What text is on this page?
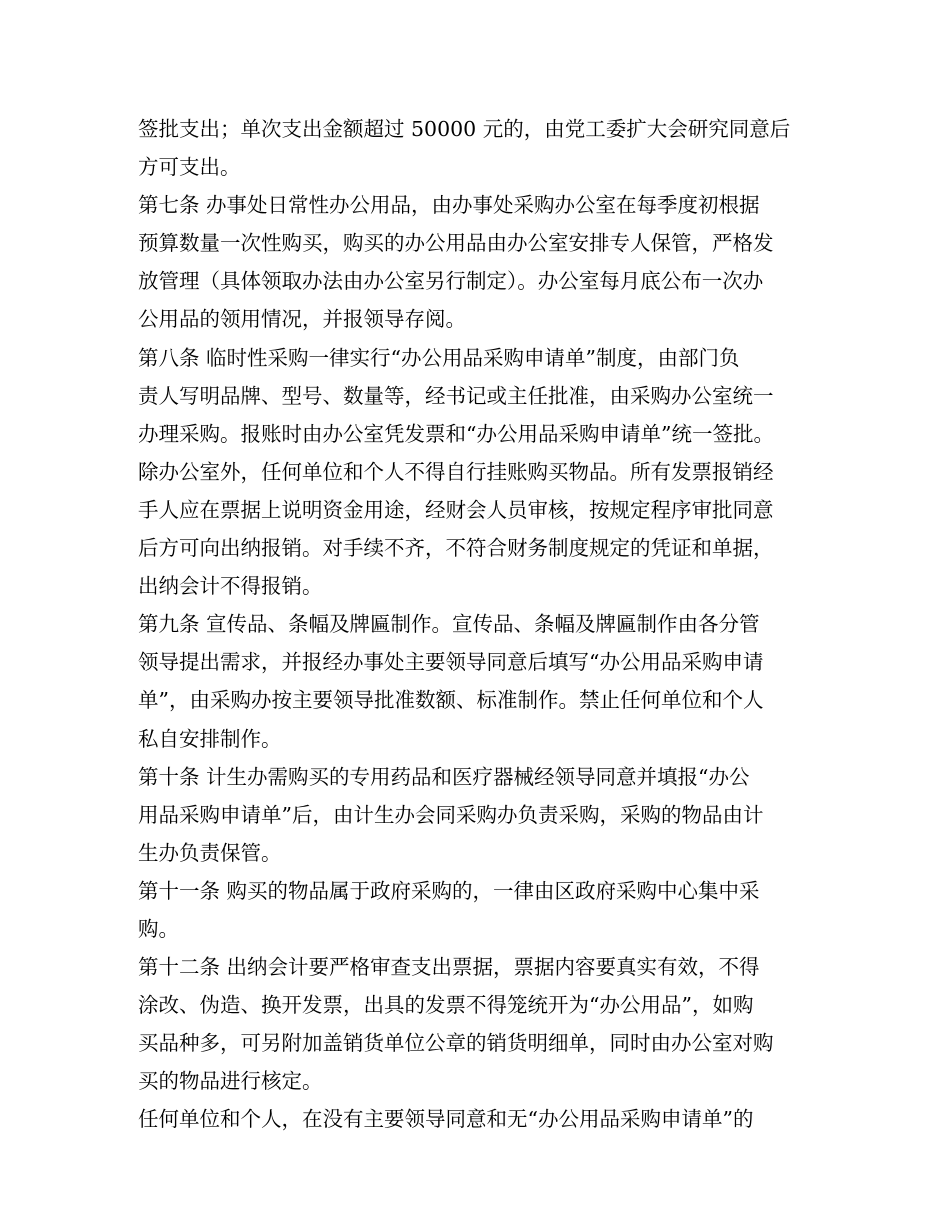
签批支出；单次支出金额超过 50000 元的，由党工委扩大会研究同意后
方可支出。
第七条 办事处日常性办公用品，由办事处采购办公室在每季度初根据
预算数量一次性购买，购买的办公用品由办公室安排专人保管，严格发
放管理（具体领取办法由办公室另行制定）。办公室每月底公布一次办
公用品的领用情况，并报领导存阅。
第八条 临时性采购一律实行“办公用品采购申请单”制度，由部门负
责人写明品牌、型号、数量等，经书记或主任批准，由采购办公室统一
办理采购。报账时由办公室凭发票和“办公用品采购申请单”统一签批。
除办公室外，任何单位和个人不得自行挂账购买物品。所有发票报销经
手人应在票据上说明资金用途，经财会人员审核，按规定程序审批同意
后方可向出纳报销。对手续不齐，不符合财务制度规定的凭证和单据，
出纳会计不得报销。
第九条 宣传品、条幅及牌匾制作。宣传品、条幅及牌匾制作由各分管
领导提出需求，并报经办事处主要领导同意后填写“办公用品采购申请
单”，由采购办按主要领导批准数额、标准制作。禁止任何单位和个人
私自安排制作。
第十条 计生办需购买的专用药品和医疗器械经领导同意并填报“办公
用品采购申请单”后，由计生办会同采购办负责采购，采购的物品由计
生办负责保管。
第十一条 购买的物品属于政府采购的，一律由区政府采购中心集中采
购。
第十二条 出纳会计要严格审查支出票据，票据内容要真实有效，不得
涂改、伪造、换开发票，出具的发票不得笼统开为“办公用品”，如购
买品种多，可另附加盖销货单位公章的销货明细单，同时由办公室对购
买的物品进行核定。
任何单位和个人，在没有主要领导同意和无“办公用品采购申请单”的
